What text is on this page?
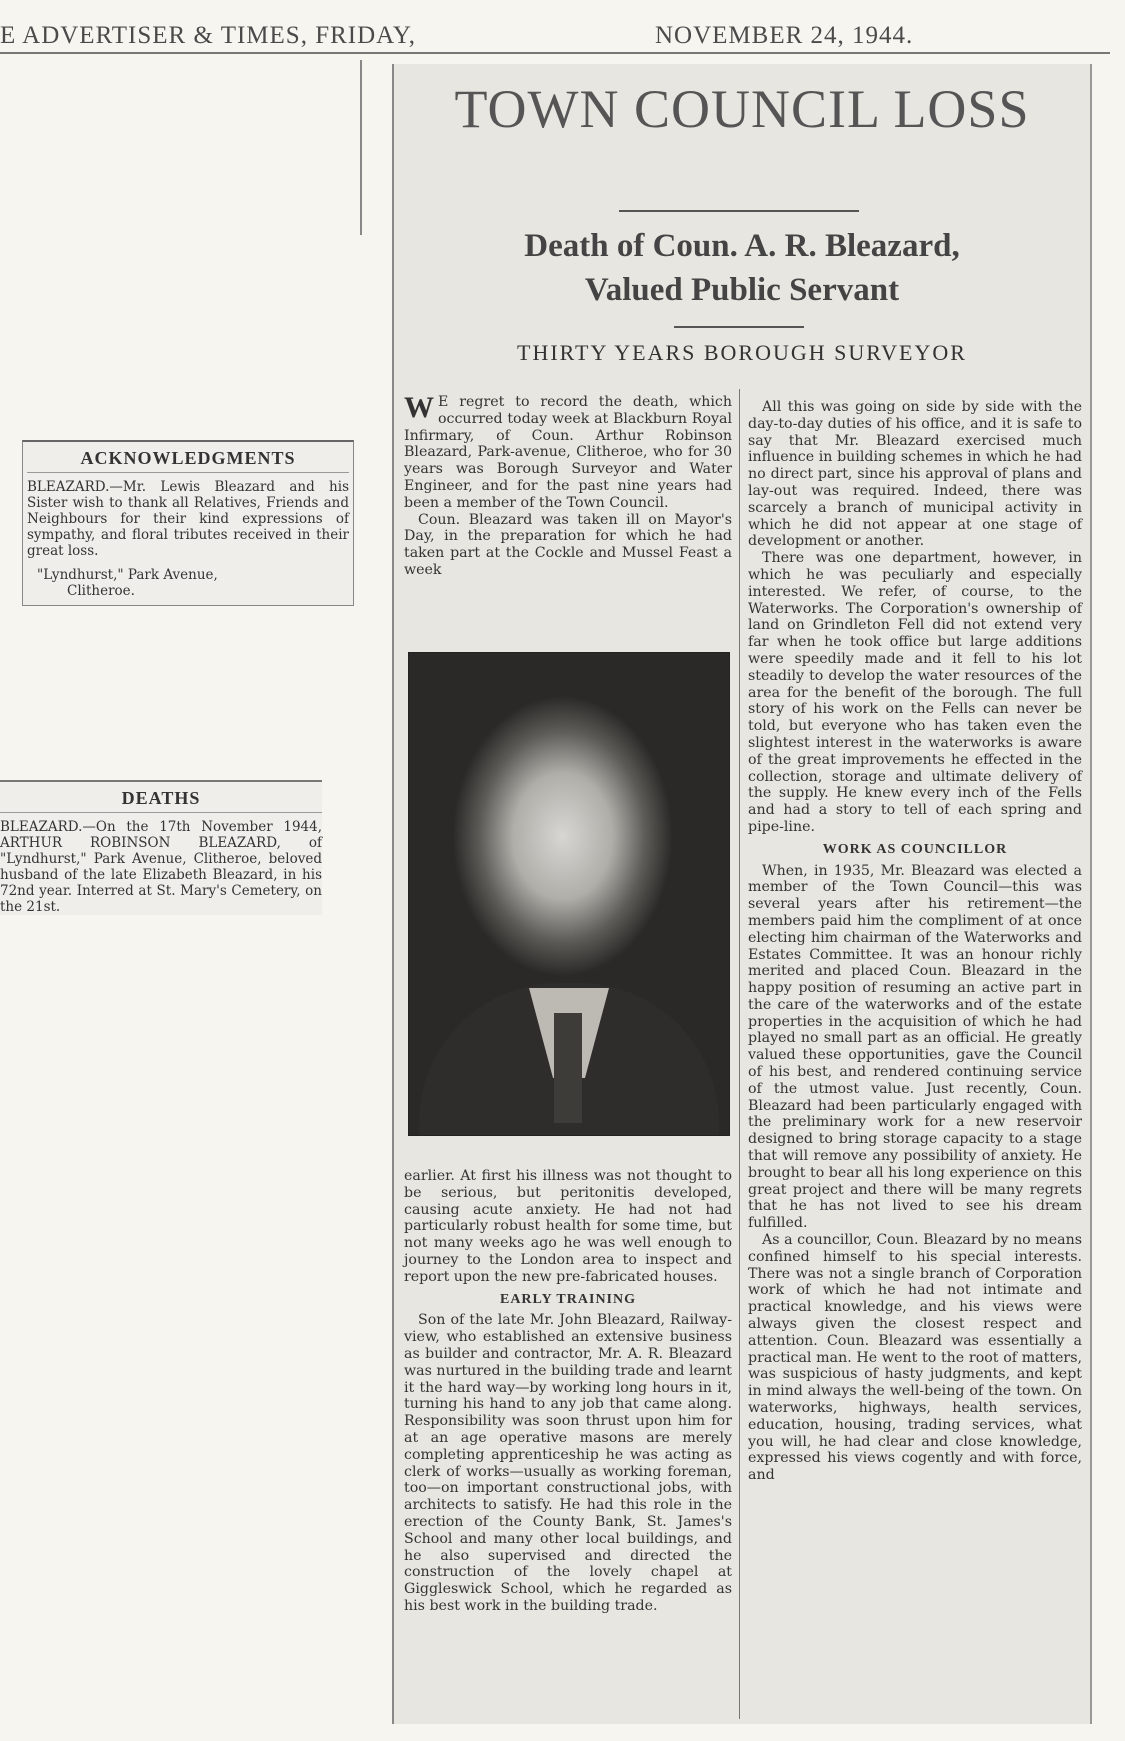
E ADVERTISER & TIMES, FRIDAY,	NOVEMBER 24, 1944.
ACKNOWLEDGMENTS

BLEAZARD.—Mr. Lewis Bleazard and his Sister wish to thank all Relatives, Friends and Neighbours for their kind expressions of sympathy, and floral tributes received in their great loss.

"Lyndhurst," Park Avenue,

Clitheroe.

DEATHS

BLEAZARD.—On the 17th November 1944, ARTHUR ROBINSON BLEAZARD, of "Lyndhurst," Park Avenue, Clitheroe, beloved husband of the late Elizabeth Bleazard, in his 72nd year. Interred at St. Mary's Cemetery, on the 21st.

TOWN COUNCIL LOSS
Death of Coun. A. R. Bleazard,
Valued Public Servant
THIRTY YEARS BOROUGH SURVEYOR

W E regret to record the death, which occurred today week at Blackburn Royal Infirmary, of Coun. Arthur Robinson Bleazard, Park-avenue, Clitheroe, who for 30 years was Borough Surveyor and Water Engineer, and for the past nine years had been a member of the Town Council.

Coun. Bleazard was taken ill on Mayor's Day, in the preparation for which he had taken part at the Cockle and Mussel Feast a week

earlier. At first his illness was not thought to be serious, but peritonitis developed, causing acute anxiety. He had not had particularly robust health for some time, but not many weeks ago he was well enough to journey to the London area to inspect and report upon the new pre-fabricated houses.

EARLY TRAINING

Son of the late Mr. John Bleazard, Railway-view, who established an extensive business as builder and contractor, Mr. A. R. Bleazard was nurtured in the building trade and learnt it the hard way—by working long hours in it, turning his hand to any job that came along. Responsibility was soon thrust upon him for at an age operative masons are merely completing apprenticeship he was acting as clerk of works—usually as working foreman, too—on important constructional jobs, with architects to satisfy. He had this role in the erection of the County Bank, St. James's School and many other local buildings, and he also supervised and directed the construction of the lovely chapel at Giggleswick School, which he regarded as his best work in the building trade.

All this was going on side by side with the day-to-day duties of his office, and it is safe to say that Mr. Bleazard exercised much influence in building schemes in which he had no direct part, since his approval of plans and lay-out was required. Indeed, there was scarcely a branch of municipal activity in which he did not appear at one stage of development or another.

There was one department, however, in which he was peculiarly and especially interested. We refer, of course, to the Waterworks. The Corporation's ownership of land on Grindleton Fell did not extend very far when he took office but large additions were speedily made and it fell to his lot steadily to develop the water resources of the area for the benefit of the borough. The full story of his work on the Fells can never be told, but everyone who has taken even the slightest interest in the waterworks is aware of the great improvements he effected in the collection, storage and ultimate delivery of the supply. He knew every inch of the Fells and had a story to tell of each spring and pipe-line.

WORK AS COUNCILLOR

When, in 1935, Mr. Bleazard was elected a member of the Town Council—this was several years after his retirement—the members paid him the compliment of at once electing him chairman of the Waterworks and Estates Committee. It was an honour richly merited and placed Coun. Bleazard in the happy position of resuming an active part in the care of the waterworks and of the estate properties in the acquisition of which he had played no small part as an official. He greatly valued these opportunities, gave the Council of his best, and rendered continuing service of the utmost value. Just recently, Coun. Bleazard had been particularly engaged with the preliminary work for a new reservoir designed to bring storage capacity to a stage that will remove any possibility of anxiety. He brought to bear all his long experience on this great project and there will be many regrets that he has not lived to see his dream fulfilled.

As a councillor, Coun. Bleazard by no means confined himself to his special interests. There was not a single branch of Corporation work of which he had not intimate and practical knowledge, and his views were always given the closest respect and attention. Coun. Bleazard was essentially a practical man. He went to the root of matters, was suspicious of hasty judgments, and kept in mind always the well-being of the town. On waterworks, highways, health services, education, housing, trading services, what you will, he had clear and close knowledge, expressed his views cogently and with force, and
